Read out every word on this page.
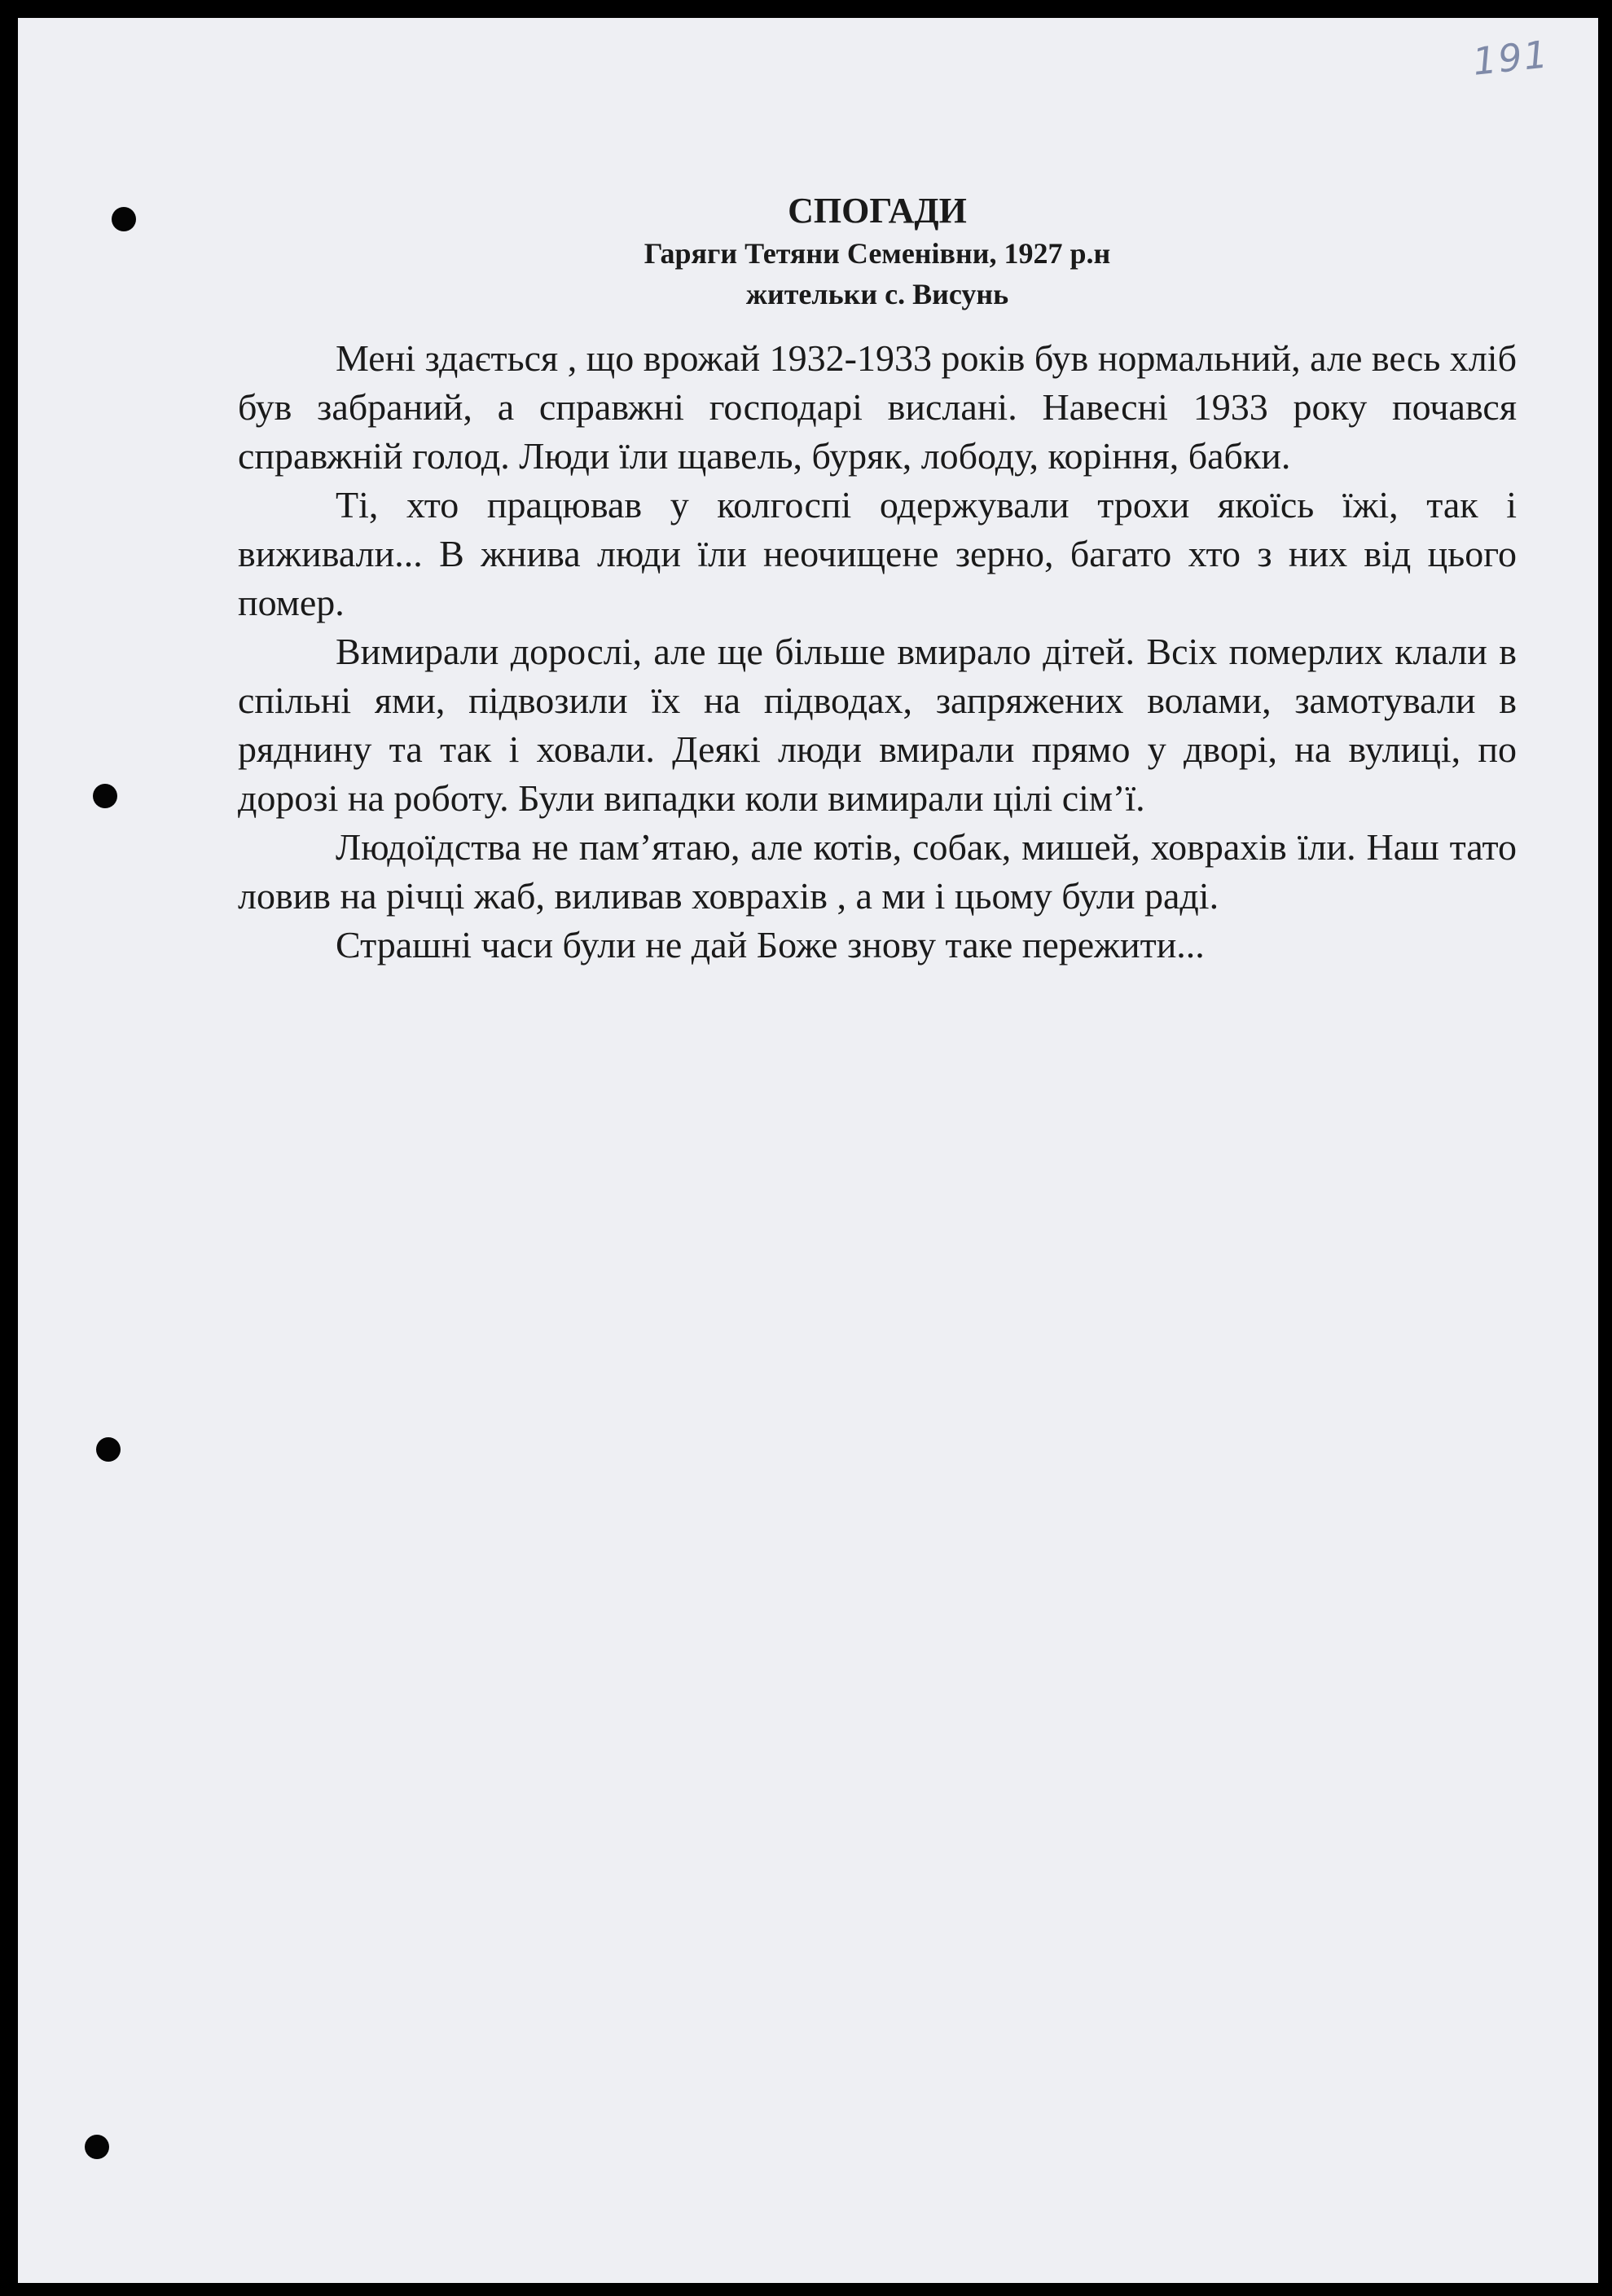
191
СПОГАДИ
Гаряги Тетяни Семенівни, 1927 р.н
жительки с. Висунь

Мені здається , що врожай 1932-1933 років був нормальний, але весь хліб був забраний, а справжні господарі вислані. Навесні 1933 року почався справжній голод. Люди їли щавель, буряк, лободу, коріння, бабки.

Ті, хто працював у колгоспі одержували трохи якоїсь їжі, так і виживали... В жнива люди їли неочищене зерно, багато хто з них від цього помер.

Вимирали дорослі, але ще більше вмирало дітей. Всіх померлих клали в спільні ями, підвозили їх на підводах, запряжених волами, замотували в ряднину та так і ховали. Деякі люди вмирали прямо у дворі, на вулиці, по дорозі на роботу. Були випадки коли вимирали цілі сім’ї.

Людоїдства не пам’ятаю, але котів, собак, мишей, ховрахів їли. Наш тато ловив на річці жаб, виливав ховрахів , а ми і цьому були раді.

Страшні часи були не дай Боже знову таке пережити...
